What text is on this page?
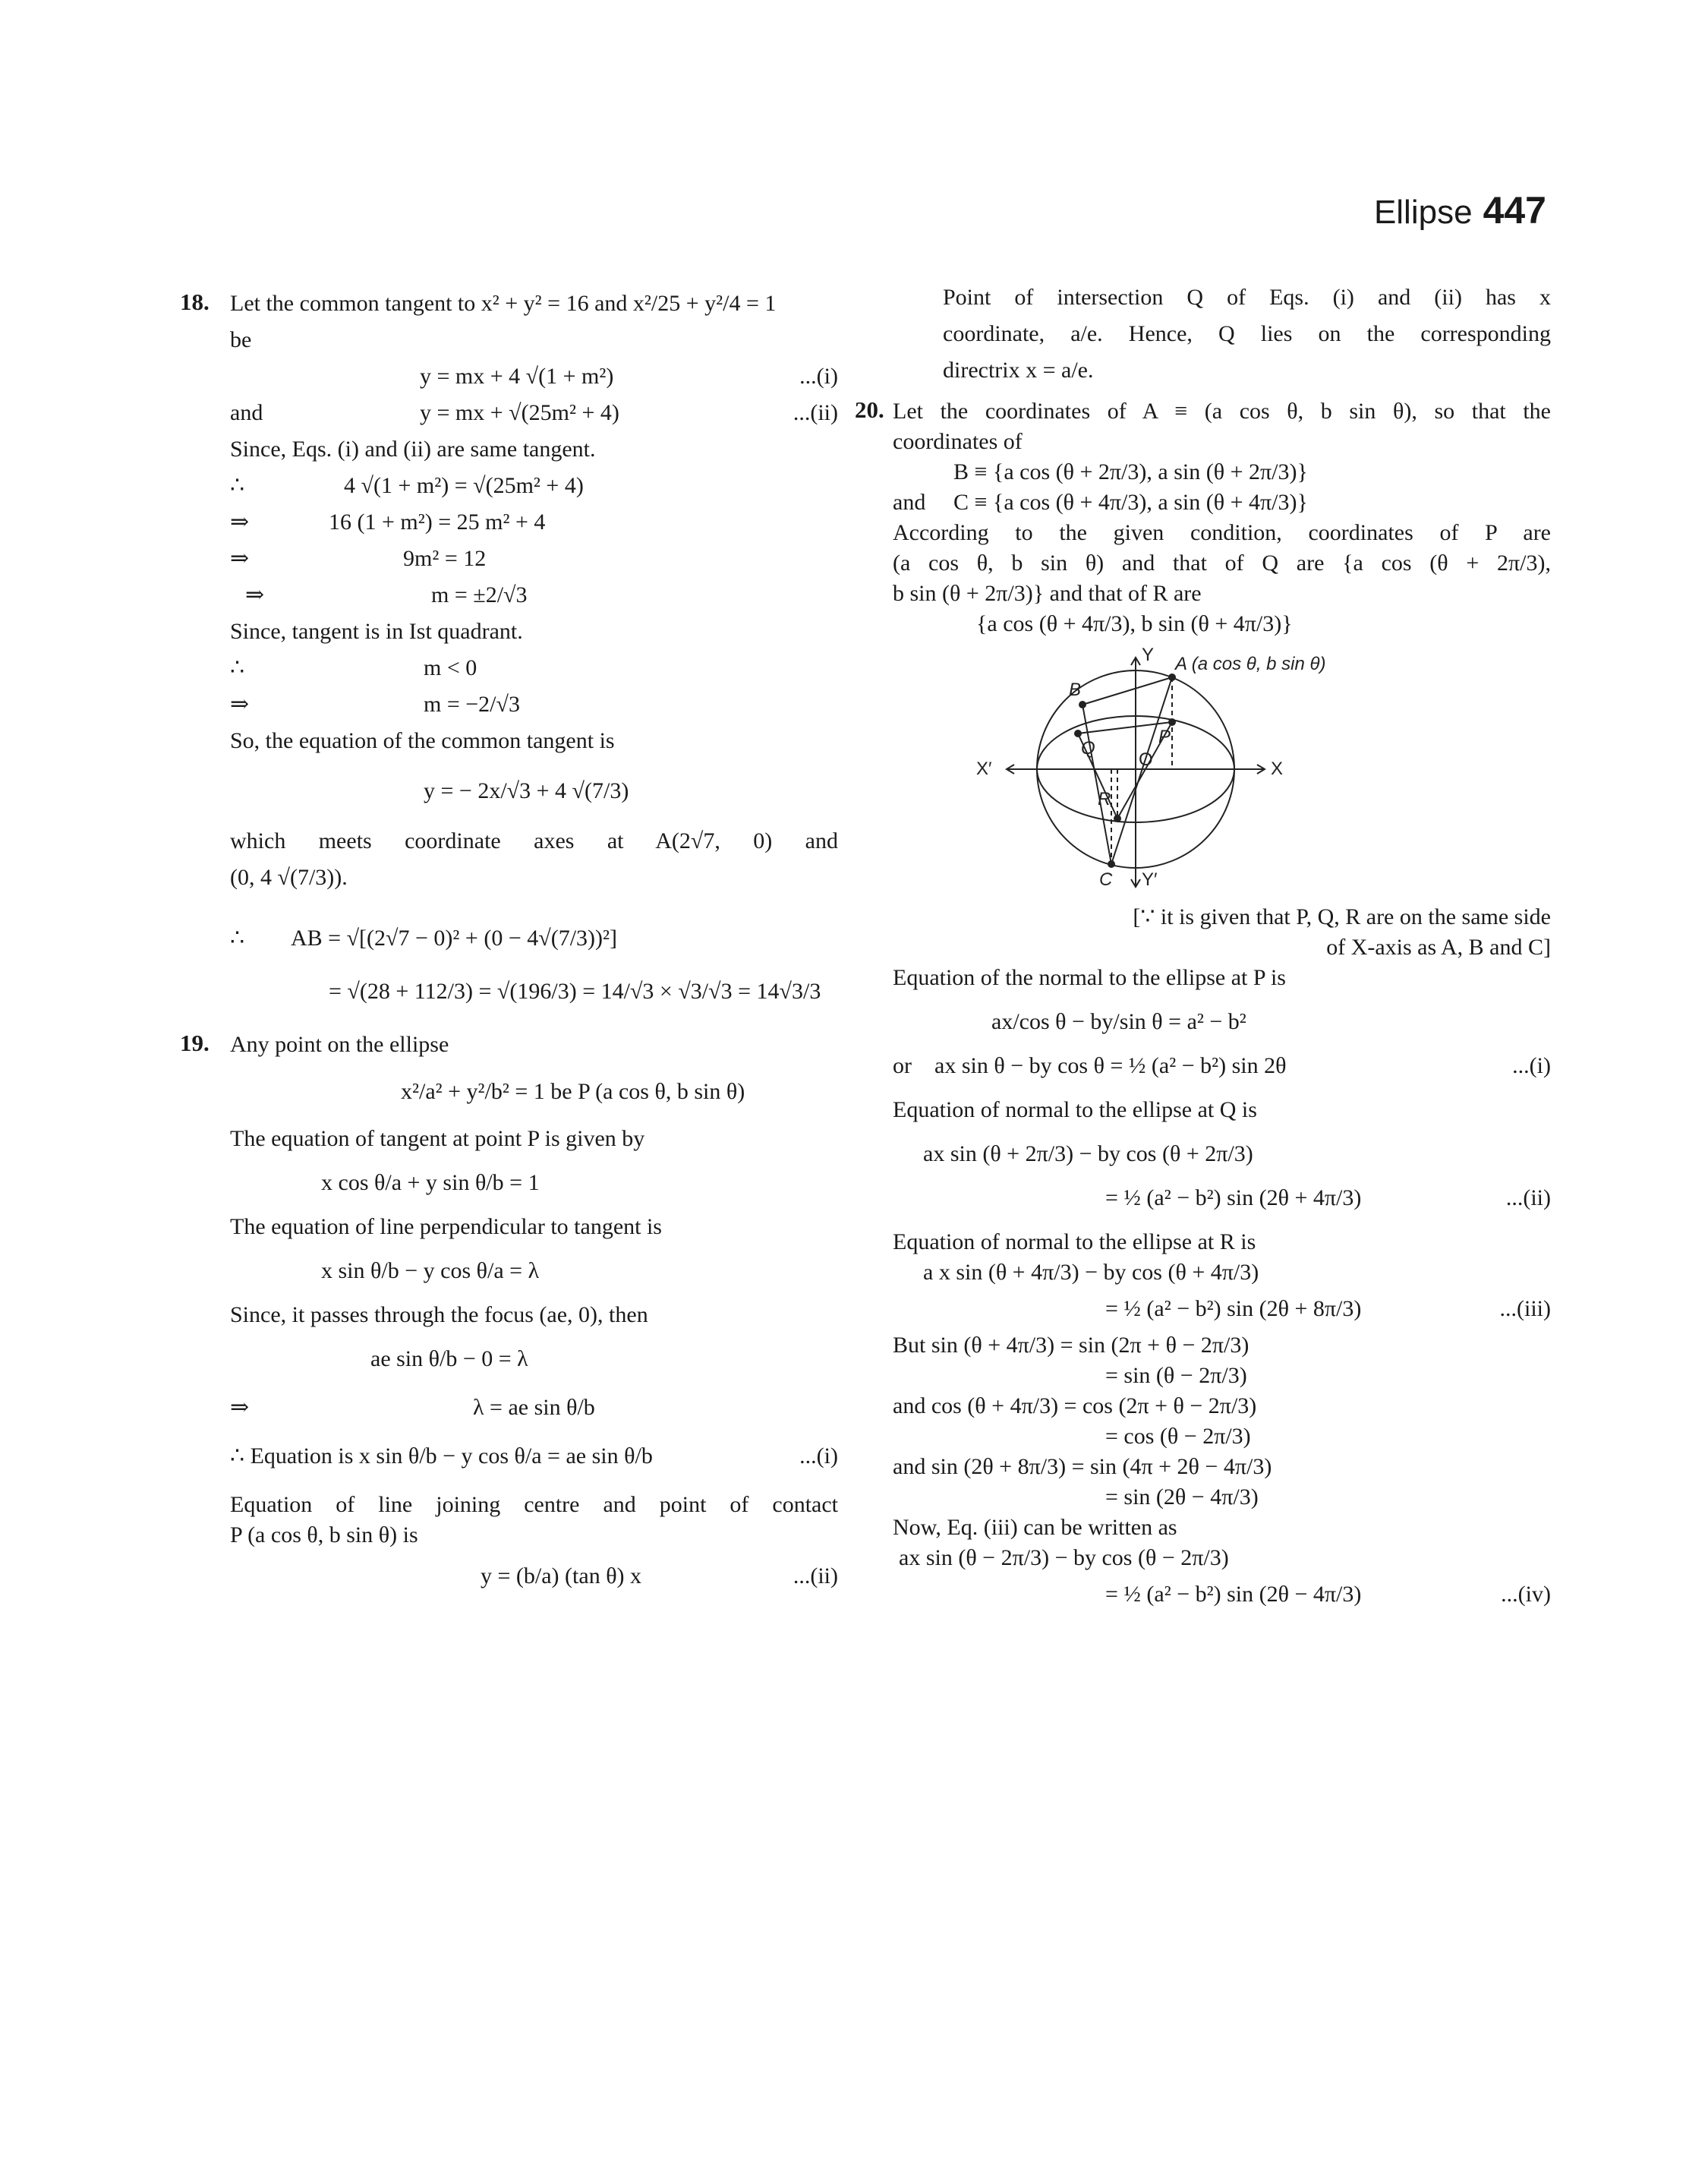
Ellipse 447
18. Let the common tangent to x² + y² = 16 and x²/25 + y²/4 = 1
be
y = mx + 4 √(1 + m²)	...(i)
and	y = mx + √(25m² + 4)	...(ii)
Since, Eqs. (i) and (ii) are same tangent.
∴	4 √(1 + m²) = √(25m² + 4)
⇒	16 (1 + m²) = 25 m² + 4
⇒	9m² = 12
⇒	m = ±2/√3
Since, tangent is in Ist quadrant.
∴	m < 0
⇒	m = −2/√3
So, the equation of the common tangent is
y = − 2x/√3 + 4 √(7/3)
which meets coordinate axes at A(2√7, 0) and
(0, 4 √(7/3)).
∴ AB = √[(2√7 − 0)² + (0 − 4√(7/3))²]
= √(28 + 112/3) = √(196/3) = 14/√3 × √3/√3 = 14√3/3
19. Any point on the ellipse
x²/a² + y²/b² = 1 be P (a cos θ, b sin θ)
The equation of tangent at point P is given by
x cos θ/a + y sin θ/b = 1
The equation of line perpendicular to tangent is
x sin θ/b − y cos θ/a = λ
Since, it passes through the focus (ae, 0), then
ae sin θ/b − 0 = λ
⇒	λ = ae sin θ/b
∴ Equation is x sin θ/b − y cos θ/a = ae sin θ/b	...(i)
Equation of line joining centre and point of contact
P (a cos θ, b sin θ) is
y = (b/a) (tan θ) x	...(ii)
Point of intersection Q of Eqs. (i) and (ii) has x
coordinate, a/e. Hence, Q lies on the corresponding
directrix x = a/e.
20. Let the coordinates of A ≡ (a cos θ, b sin θ), so that the
coordinates of
B ≡ {a cos (θ + 2π/3), a sin (θ + 2π/3)}
and C ≡ {a cos (θ + 4π/3), a sin (θ + 4π/3)}
According to the given condition, coordinates of P are
(a cos θ, b sin θ) and that of Q are {a cos (θ + 2π/3),
b sin (θ + 2π/3)} and that of R are
{a cos (θ + 4π/3), b sin (θ + 4π/3)}
Y
Y′
X′	X
O
A (a cos θ, b sin θ)
B
C
P
Q
R
[∵ it is given that P, Q, R are on the same side
of X-axis as A, B and C]
Equation of the normal to the ellipse at P is
ax/cos θ − by/sin θ = a² − b²
or ax sin θ − by cos θ = ½ (a² − b²) sin 2θ	...(i)
Equation of normal to the ellipse at Q is
ax sin (θ + 2π/3) − by cos (θ + 2π/3)
= ½ (a² − b²) sin (2θ + 4π/3)	...(ii)
Equation of normal to the ellipse at R is
a x sin (θ + 4π/3) − by cos (θ + 4π/3)
= ½ (a² − b²) sin (2θ + 8π/3)	...(iii)
But sin (θ + 4π/3) = sin (2π + θ − 2π/3)
= sin (θ − 2π/3)
and cos (θ + 4π/3) = cos (2π + θ − 2π/3)
= cos (θ − 2π/3)
and sin (2θ + 8π/3) = sin (4π + 2θ − 4π/3)
= sin (2θ − 4π/3)
Now, Eq. (iii) can be written as
ax sin (θ − 2π/3) − by cos (θ − 2π/3)
= ½ (a² − b²) sin (2θ − 4π/3)	...(iv)
